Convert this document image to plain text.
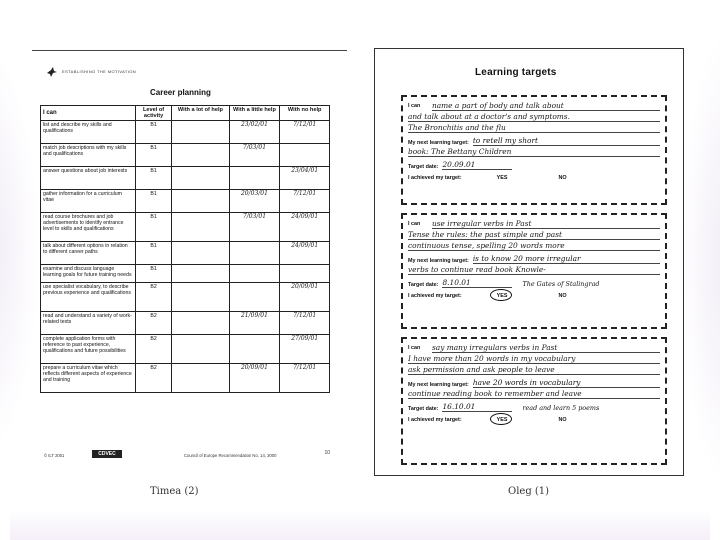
ESTABLISHING THE MOTIVATION
Career planning
I can	Level of activity	With a lot of help	With a little help	With no help
list and describe my skills and qualifications	B1		23/02/01	7/12/01
match job descriptions with my skills and qualifications	B1		7/03/01	
answer questions about job interests	B1			23/04/01
gather information for a curriculum vitae	B1		20/03/01	7/12/01
read course brochures and job advertisements to identify entrance level to skills and qualifications	B1		7/03/01	24/09/01
talk about different options in relation to different career paths	B1			24/09/01
examine and discuss language learning goals for future training needs	B1			
use specialist vocabulary, to describe previous experience and qualifications	B2			20/09/01
read and understand a variety of work-related texts	B2		21/09/01	7/12/01
complete application forms with reference to past experience, qualifications and future possibilities	B2			27/09/01
prepare a curriculum vitae which reflects different aspects of experience and training	B2		20/09/01	7/12/01
© ILT 2001	CDVEC	Council of Europe Recommendation No. 14, 2000	10
Timea (2)
Learning targets
I can name a part of body and talk about
and talk about at a doctor's and symptoms.
The Bronchitis and the flu
My next learning target: to retell my short
book: The Bettany Children
Target date: 20.09.01
I achieved my target:	YES	NO
I can use irregular verbs in Past
Tense the rules: the past simple and past
continuous tense, spelling 20 words more
My next learning target: is to know 20 more irregular
verbs to continue read book Knowle-
Target date: 8.10.01	The Gates of Stalingrad
I achieved my target:	YES	NO
I can say many irregulars verbs in Past
I have more than 20 words in my vocabulary
ask permission and ask people to leave
My next learning target: have 20 words in vocabulary
continue reading book to remember and leave
Target date: 16.10.01	read and learn 5 poems
I achieved my target:	YES	NO
Oleg (1)
